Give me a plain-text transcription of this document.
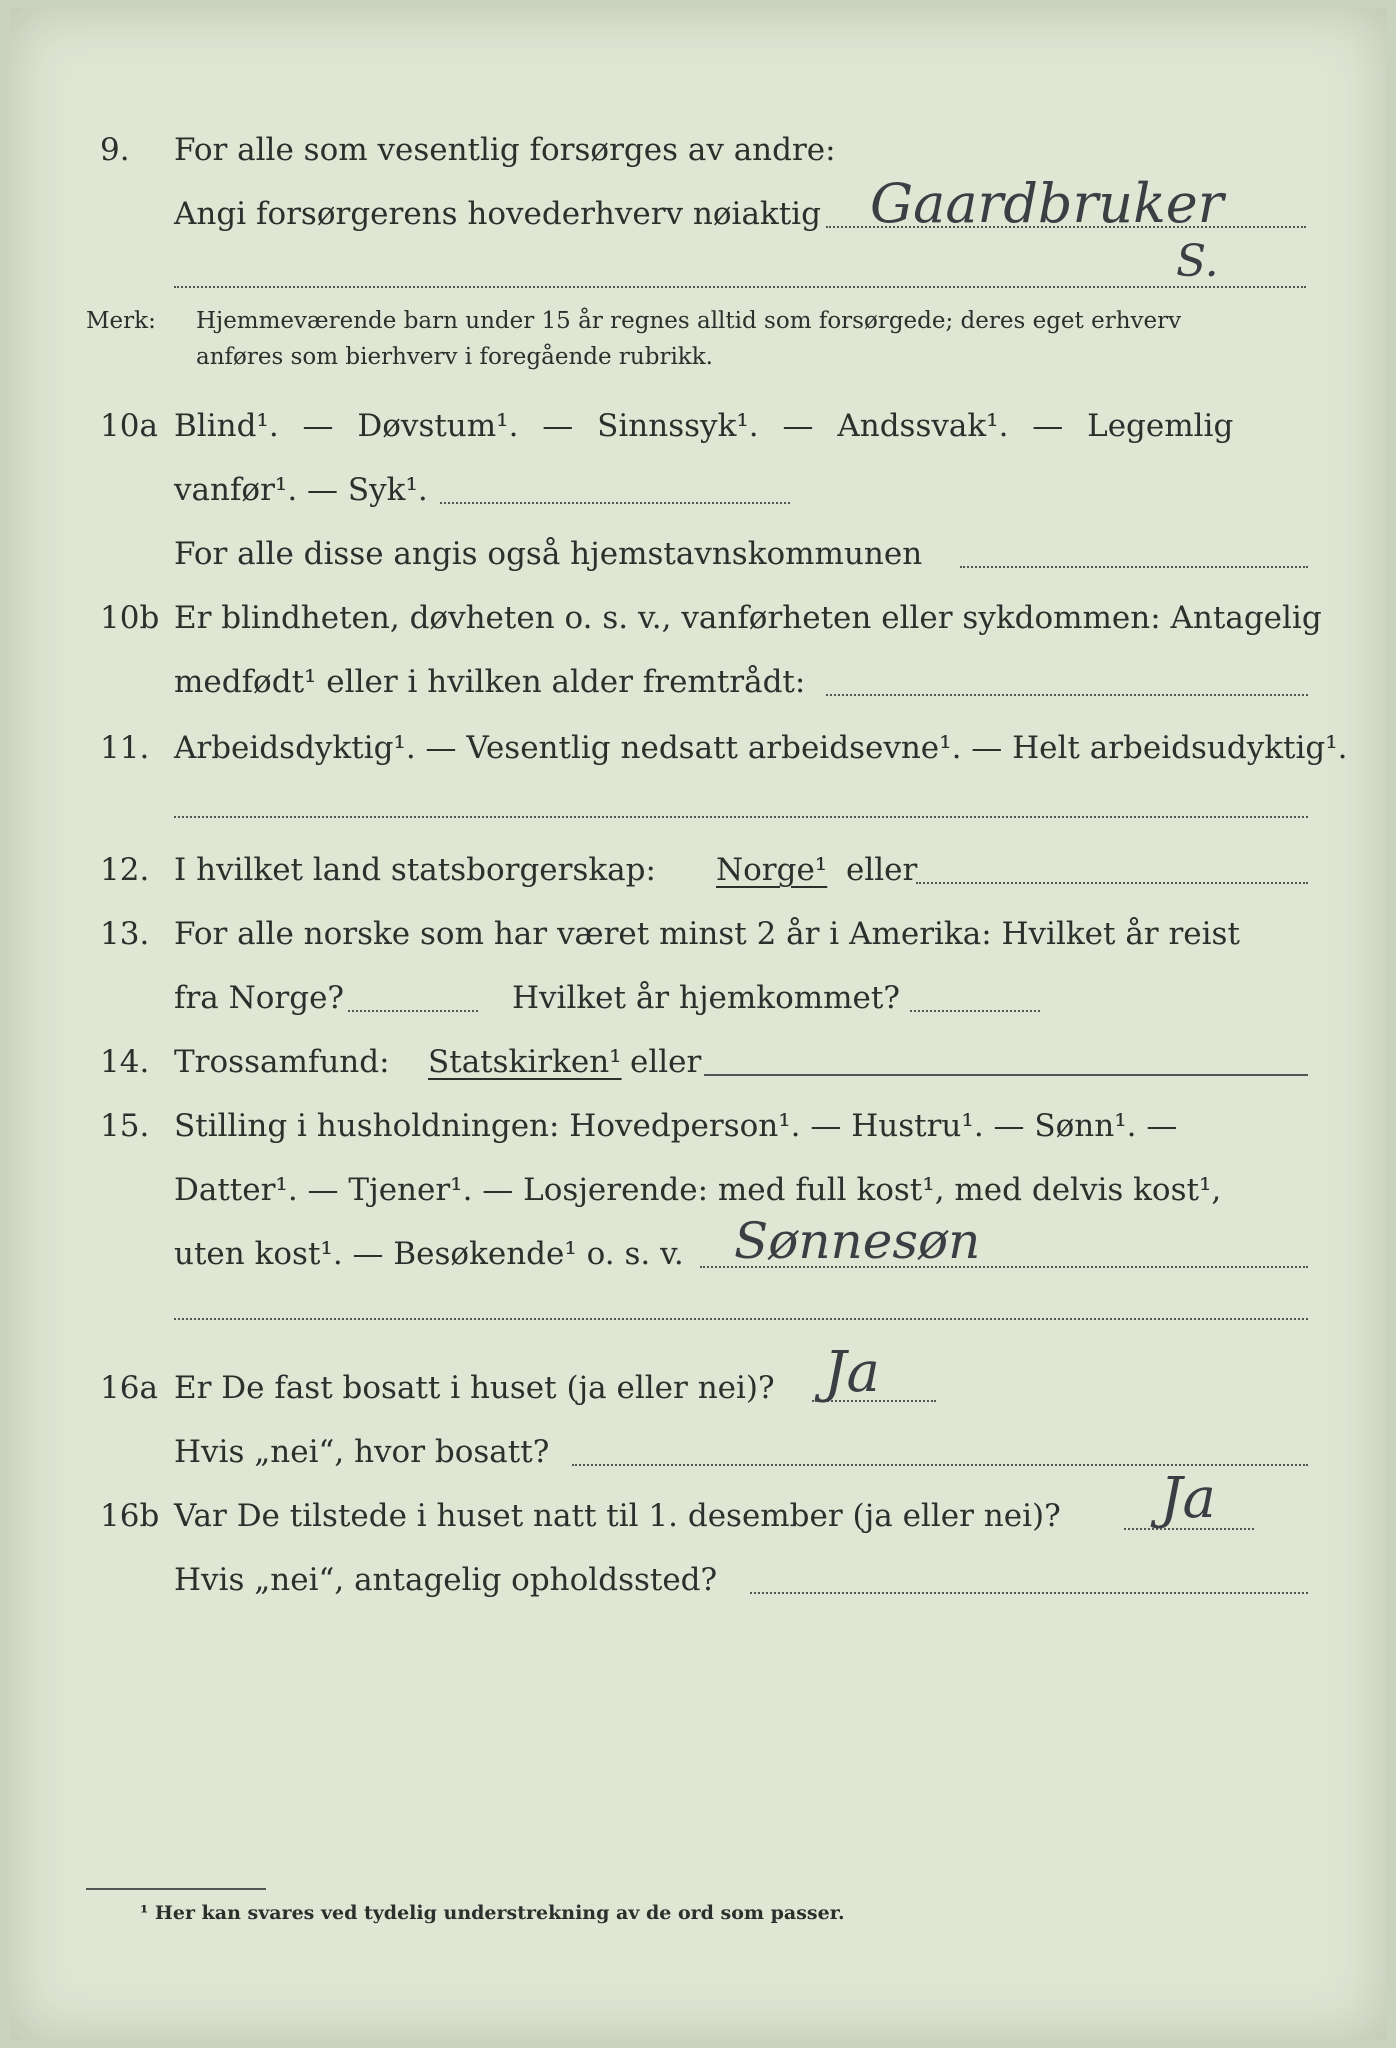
9. For alle som vesentlig forsørges av andre:
Angi forsørgerens hovederhverv nøiaktig Gaardbruker
S.
Merk: Hjemmeværende barn under 15 år regnes alltid som forsørgede; deres eget erhverv
anføres som bierhverv i foregående rubrikk.
10a Blind¹. — Døvstum¹. — Sinnssyk¹. — Andssvak¹. — Legemlig
vanfør¹. — Syk¹.
For alle disse angis også hjemstavnskommunen
10b Er blindheten, døvheten o. s. v., vanførheten eller sykdommen: Antagelig
medfødt¹ eller i hvilken alder fremtrådt:
11. Arbeidsdyktig¹. — Vesentlig nedsatt arbeidsevne¹. — Helt arbeidsudyktig¹.
12. I hvilket land statsborgerskap: Norge¹ eller
13. For alle norske som har været minst 2 år i Amerika: Hvilket år reist
fra Norge?	Hvilket år hjemkommet?
14. Trossamfund: Statskirken¹ eller
15. Stilling i husholdningen: Hovedperson¹. — Hustru¹. — Sønn¹. —
Datter¹. — Tjener¹. — Losjerende: med full kost¹, med delvis kost¹,
uten kost¹. — Besøkende¹ o. s. v. Sønnesøn
16a Er De fast bosatt i huset (ja eller nei)? Ja
Hvis „nei“, hvor bosatt?
16b Var De tilstede i huset natt til 1. desember (ja eller nei)? Ja
Hvis „nei“, antagelig opholdssted?
¹ Her kan svares ved tydelig understrekning av de ord som passer.
